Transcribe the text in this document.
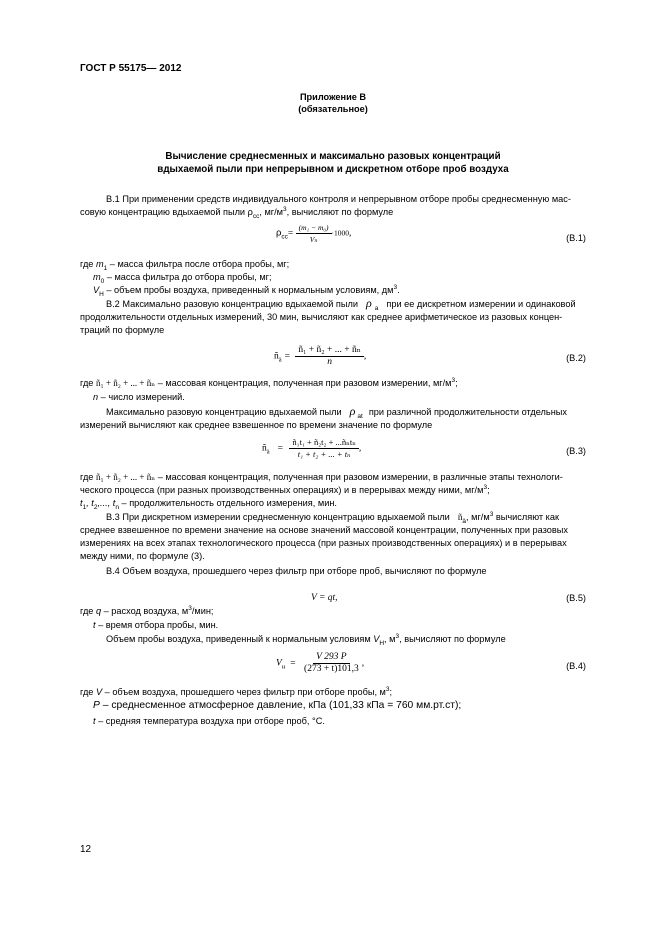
ГОСТ Р 55175— 2012
Приложение В
(обязательное)
Вычисление среднесменных и максимально разовых концентраций
вдыхаемой пыли при непрерывном и дискретном отборе проб воздуха
В.1 При применении средств индивидуального контроля и непрерывном отборе пробы среднесменную мас-
совую концентрацию вдыхаемой пыли $\rho_{сс}$, $мг/м^3$, вычисляют по формуле
$\rho_{сс}= \frac{\text{(m₁ − m₀)}}{\text{Vₙ}} \cdot 1000$,	(В.1)
где $m_1$ – масса фильтра после отбора пробы, мг;
$m_0$ – масса фильтра до отбора пробы, мг;
$V_Н$ – объем пробы воздуха, приведенный к нормальным условиям, $дм^3$.
В.2 Максимально разовую концентрацию вдыхаемой пыли ρ $_а$ при ее дискретном измерении и одинаковой
продолжительности отдельных измерений, 30 мин, вычисляют как среднее арифметическое из разовых концен-
траций по формуле
$ñ_ä = \frac{\text{ñ₁ + ñ₂ + ... + ñₙ}}{n}$ ,	(В.2)
где ñ₁ + ñ₂ + ... + ñₙ – массовая концентрация, полученная при разовом измерении, $мг/м^3$;
n – число измерений.
Максимально разовую концентрацию вдыхаемой пыли ρ $_{аt}$ при различной продолжительности отдельных
измерений вычисляют как среднее взвешенное по времени значение по формуле
$ñ_ä = \frac{\text{ñ₁t₁ + ñ₂t₂ + ...ñₙtₙ}}{\text{t₁ + t₂ + ... + tₙ}}$ ,	(В.3)
где ñ₁ + ñ₂ + ... + ñₙ – массовая концентрация, полученная при разовом измерении, в различные этапы технологи-
ческого процесса (при разных производственных операциях) и в перерывах между ними, $мг/м^3$;
$t_1$, $t_2$,..., $t_n$ – продолжительность отдельного измерения, мин.
В.3 При дискретном измерении среднесменную концентрацию вдыхаемой пыли $ñ_ä$, $мг/м^3$ вычисляют как
среднее взвешенное по времени значение на основе значений массовой концентрации, полученных при разовых
измерениях на всех этапах технологического процесса (при разных производственных операциях) и в перерывах
между ними, по формуле (3).
В.4 Объем воздуха, прошедшего через фильтр при отборе проб, вычисляют по формуле
V = qt,	(В.5)
где q – расход воздуха, $м^3$/мин;
t – время отбора пробы, мин.
Объем пробы воздуха, приведенный к нормальным условиям $V_Н$, $м^3$, вычисляют по формуле
$V_н = \frac{V 293 P}{(273 + t)101,3}$ ,	(В.4)
где V – объем воздуха, прошедшего через фильтр при отборе пробы, $м^3$;
P – среднесменное атмосферное давление, кПа (101,33 кПа = 760 мм.рт.ст);
t – средняя температура воздуха при отборе проб, °С.
12
